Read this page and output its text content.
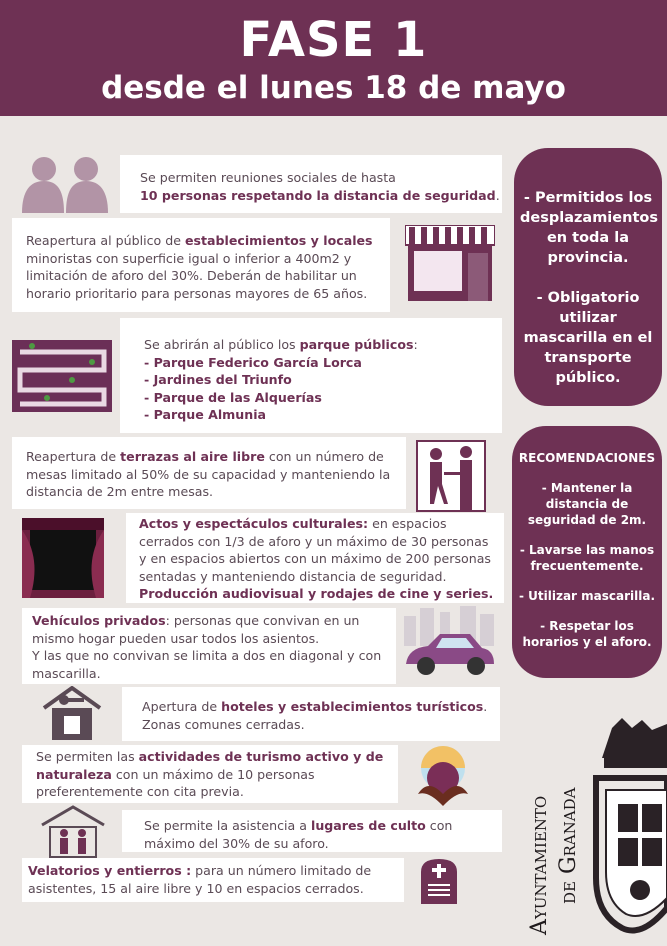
FASE 1
desde el lunes 18 de mayo
Se permiten reuniones sociales de hasta
10 personas respetando la distancia de seguridad.
Reapertura al público de establecimientos y locales minoristas con superficie igual o inferior a 400m2 y limitación de aforo del 30%. Deberán de habilitar un horario prioritario para personas mayores de 65 años.
Se abrirán al público los parque públicos:
- Parque Federico García Lorca
- Jardines del Triunfo
- Parque de las Alquerías
- Parque Almunia
Reapertura de terrazas al aire libre con un número de mesas limitado al 50% de su capacidad y manteniendo la distancia de 2m entre mesas.
Actos y espectáculos culturales: en espacios cerrados con 1/3 de aforo y un máximo de 30 personas y en espacios abiertos con un máximo de 200 personas sentadas y manteniendo distancia de seguridad.
Producción audiovisual y rodajes de cine y series.
Vehículos privados: personas que convivan en un mismo hogar pueden usar todos los asientos.
Y las que no convivan se limita a dos en diagonal y con mascarilla.
Apertura de hoteles y establecimientos turísticos.
Zonas comunes cerradas.
Se permiten las actividades de turismo activo y de naturaleza con un máximo de 10 personas preferentemente con cita previa.
Se permite la asistencia a lugares de culto con máximo del 30% de su aforo.
Velatorios y entierros : para un número limitado de asistentes, 15 al aire libre y 10 en espacios cerrados.
- Permitidos los desplazamientos en toda la provincia.
- Obligatorio utilizar mascarilla en el transporte público.
RECOMENDACIONES
- Mantener la distancia de seguridad de 2m.
- Lavarse las manos frecuentemente.
- Utilizar mascarilla.
- Respetar los horarios y el aforo.
Ayuntamiento de Granada
